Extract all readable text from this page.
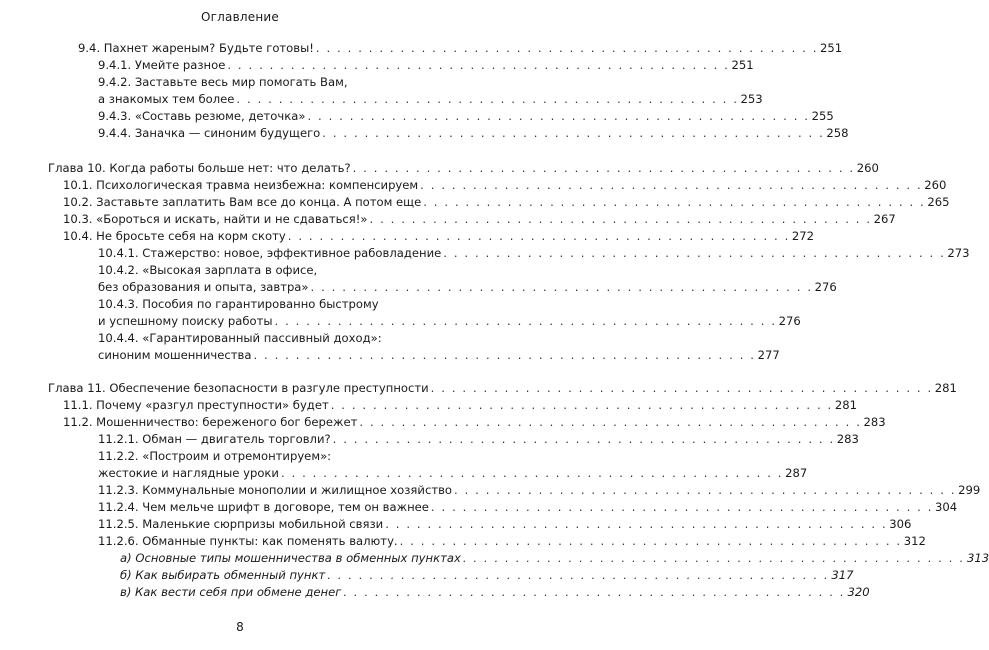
Оглавление
9.4. Пахнет жареным? Будьте готовы! . . . . . . . . . . . . . . . . . . . . . . . . . . . . . . . . . . . . . . . . . . . . . . . . 251
9.4.1. Умейте разное . . . . . . . . . . . . . . . . . . . . . . . . . . . . . . . . . . . . . . . . . . . . . . . . 251
9.4.2. Заставьте весь мир помогать Вам,
а знакомых тем более . . . . . . . . . . . . . . . . . . . . . . . . . . . . . . . . . . . . . . . . . . . . . . . . 253
9.4.3. «Составь резюме, деточка» . . . . . . . . . . . . . . . . . . . . . . . . . . . . . . . . . . . . . . . . . . . . . . . . 255
9.4.4. Заначка — синоним будущего . . . . . . . . . . . . . . . . . . . . . . . . . . . . . . . . . . . . . . . . . . . . . . . . 258
Глава 10. Когда работы больше нет: что делать? . . . . . . . . . . . . . . . . . . . . . . . . . . . . . . . . . . . . . . . . . . . . . . . . 260
10.1. Психологическая травма неизбежна: компенсируем . . . . . . . . . . . . . . . . . . . . . . . . . . . . . . . . . . . . . . . . . . . . . . . . 260
10.2. Заставьте заплатить Вам все до конца. А потом еще . . . . . . . . . . . . . . . . . . . . . . . . . . . . . . . . . . . . . . . . . . . . . . . . 265
10.3. «Бороться и искать, найти и не сдаваться!» . . . . . . . . . . . . . . . . . . . . . . . . . . . . . . . . . . . . . . . . . . . . . . . . 267
10.4. Не бросьте себя на корм скоту . . . . . . . . . . . . . . . . . . . . . . . . . . . . . . . . . . . . . . . . . . . . . . . . 272
10.4.1. Стажерство: новое, эффективное рабовладение . . . . . . . . . . . . . . . . . . . . . . . . . . . . . . . . . . . . . . . . . . . . . . . . 273
10.4.2. «Высокая зарплата в офисе,
без образования и опыта, завтра» . . . . . . . . . . . . . . . . . . . . . . . . . . . . . . . . . . . . . . . . . . . . . . . . 276
10.4.3. Пособия по гарантированно быстрому
и успешному поиску работы . . . . . . . . . . . . . . . . . . . . . . . . . . . . . . . . . . . . . . . . . . . . . . . . 276
10.4.4. «Гарантированный пассивный доход»:
синоним мошенничества . . . . . . . . . . . . . . . . . . . . . . . . . . . . . . . . . . . . . . . . . . . . . . . . 277
Глава 11. Обеспечение безопасности в разгуле преступности . . . . . . . . . . . . . . . . . . . . . . . . . . . . . . . . . . . . . . . . . . . . . . . . 281
11.1. Почему «разгул преступности» будет . . . . . . . . . . . . . . . . . . . . . . . . . . . . . . . . . . . . . . . . . . . . . . . . 281
11.2. Мошенничество: береженого бог бережет . . . . . . . . . . . . . . . . . . . . . . . . . . . . . . . . . . . . . . . . . . . . . . . . 283
11.2.1. Обман — двигатель торговли? . . . . . . . . . . . . . . . . . . . . . . . . . . . . . . . . . . . . . . . . . . . . . . . . 283
11.2.2. «Построим и отремонтируем»:
жестокие и наглядные уроки . . . . . . . . . . . . . . . . . . . . . . . . . . . . . . . . . . . . . . . . . . . . . . . . 287
11.2.3. Коммунальные монополии и жилищное хозяйство . . . . . . . . . . . . . . . . . . . . . . . . . . . . . . . . . . . . . . . . . . . . . . . . 299
11.2.4. Чем мельче шрифт в договоре, тем он важнее . . . . . . . . . . . . . . . . . . . . . . . . . . . . . . . . . . . . . . . . . . . . . . . . 304
11.2.5. Маленькие сюрпризы мобильной связи . . . . . . . . . . . . . . . . . . . . . . . . . . . . . . . . . . . . . . . . . . . . . . . . 306
11.2.6. Обманные пункты: как поменять валюту. . . . . . . . . . . . . . . . . . . . . . . . . . . . . . . . . . . . . . . . . . . . . . . . . 312
а) Основные типы мошенничества в обменных пунктах . . . . . . . . . . . . . . . . . . . . . . . . . . . . . . . . . . . . . . . . . . . . . . . . 313
б) Как выбирать обменный пункт . . . . . . . . . . . . . . . . . . . . . . . . . . . . . . . . . . . . . . . . . . . . . . . . 317
в) Как вести себя при обмене денег . . . . . . . . . . . . . . . . . . . . . . . . . . . . . . . . . . . . . . . . . . . . . . . . 320
8
